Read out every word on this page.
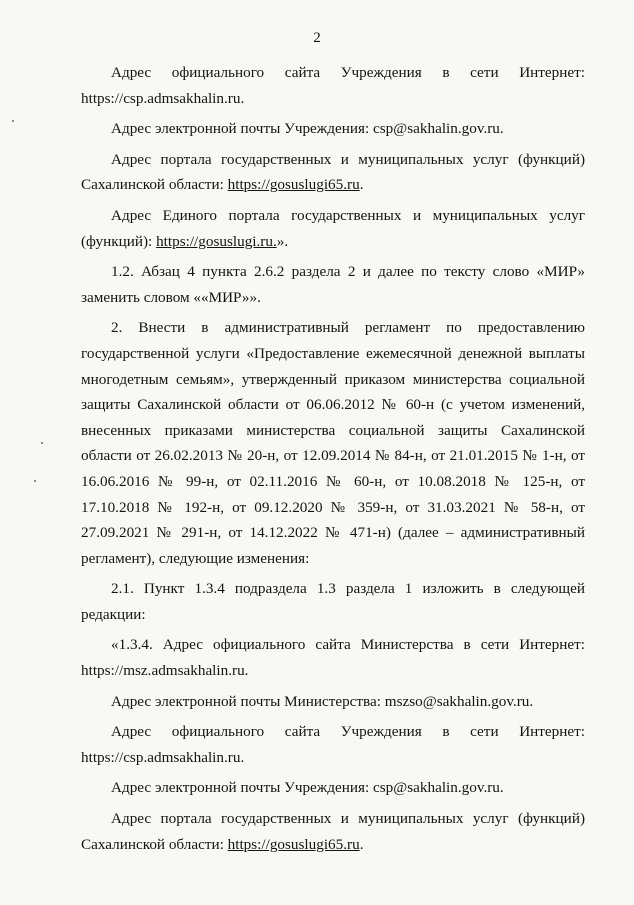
2

Адрес официального сайта Учреждения в сети Интернет: https://csp.admsakhalin.ru.

Адрес электронной почты Учреждения: csp@sakhalin.gov.ru.

Адрес портала государственных и муниципальных услуг (функций) Сахалинской области: https://gosuslugi65.ru.

Адрес Единого портала государственных и муниципальных услуг (функций): https://gosuslugi.ru.».

1.2. Абзац 4 пункта 2.6.2 раздела 2 и далее по тексту слово «МИР» заменить словом ««МИР»».

2. Внести в административный регламент по предоставлению государственной услуги «Предоставление ежемесячной денежной выплаты многодетным семьям», утвержденный приказом министерства социальной защиты Сахалинской области от 06.06.2012 № 60-н (с учетом изменений, внесенных приказами министерства социальной защиты Сахалинской области от 26.02.2013 № 20-н, от 12.09.2014 № 84-н, от 21.01.2015 № 1-н, от 16.06.2016 № 99-н, от 02.11.2016 № 60-н, от 10.08.2018 № 125-н, от 17.10.2018 № 192-н, от 09.12.2020 № 359-н, от 31.03.2021 № 58-н, от 27.09.2021 № 291-н, от 14.12.2022 № 471-н) (далее – административный регламент), следующие изменения:

2.1. Пункт 1.3.4 подраздела 1.3 раздела 1 изложить в следующей редакции:

«1.3.4. Адрес официального сайта Министерства в сети Интернет: https://msz.admsakhalin.ru.

Адрес электронной почты Министерства: mszso@sakhalin.gov.ru.

Адрес официального сайта Учреждения в сети Интернет: https://csp.admsakhalin.ru.

Адрес электронной почты Учреждения: csp@sakhalin.gov.ru.

Адрес портала государственных и муниципальных услуг (функций) Сахалинской области: https://gosuslugi65.ru.
